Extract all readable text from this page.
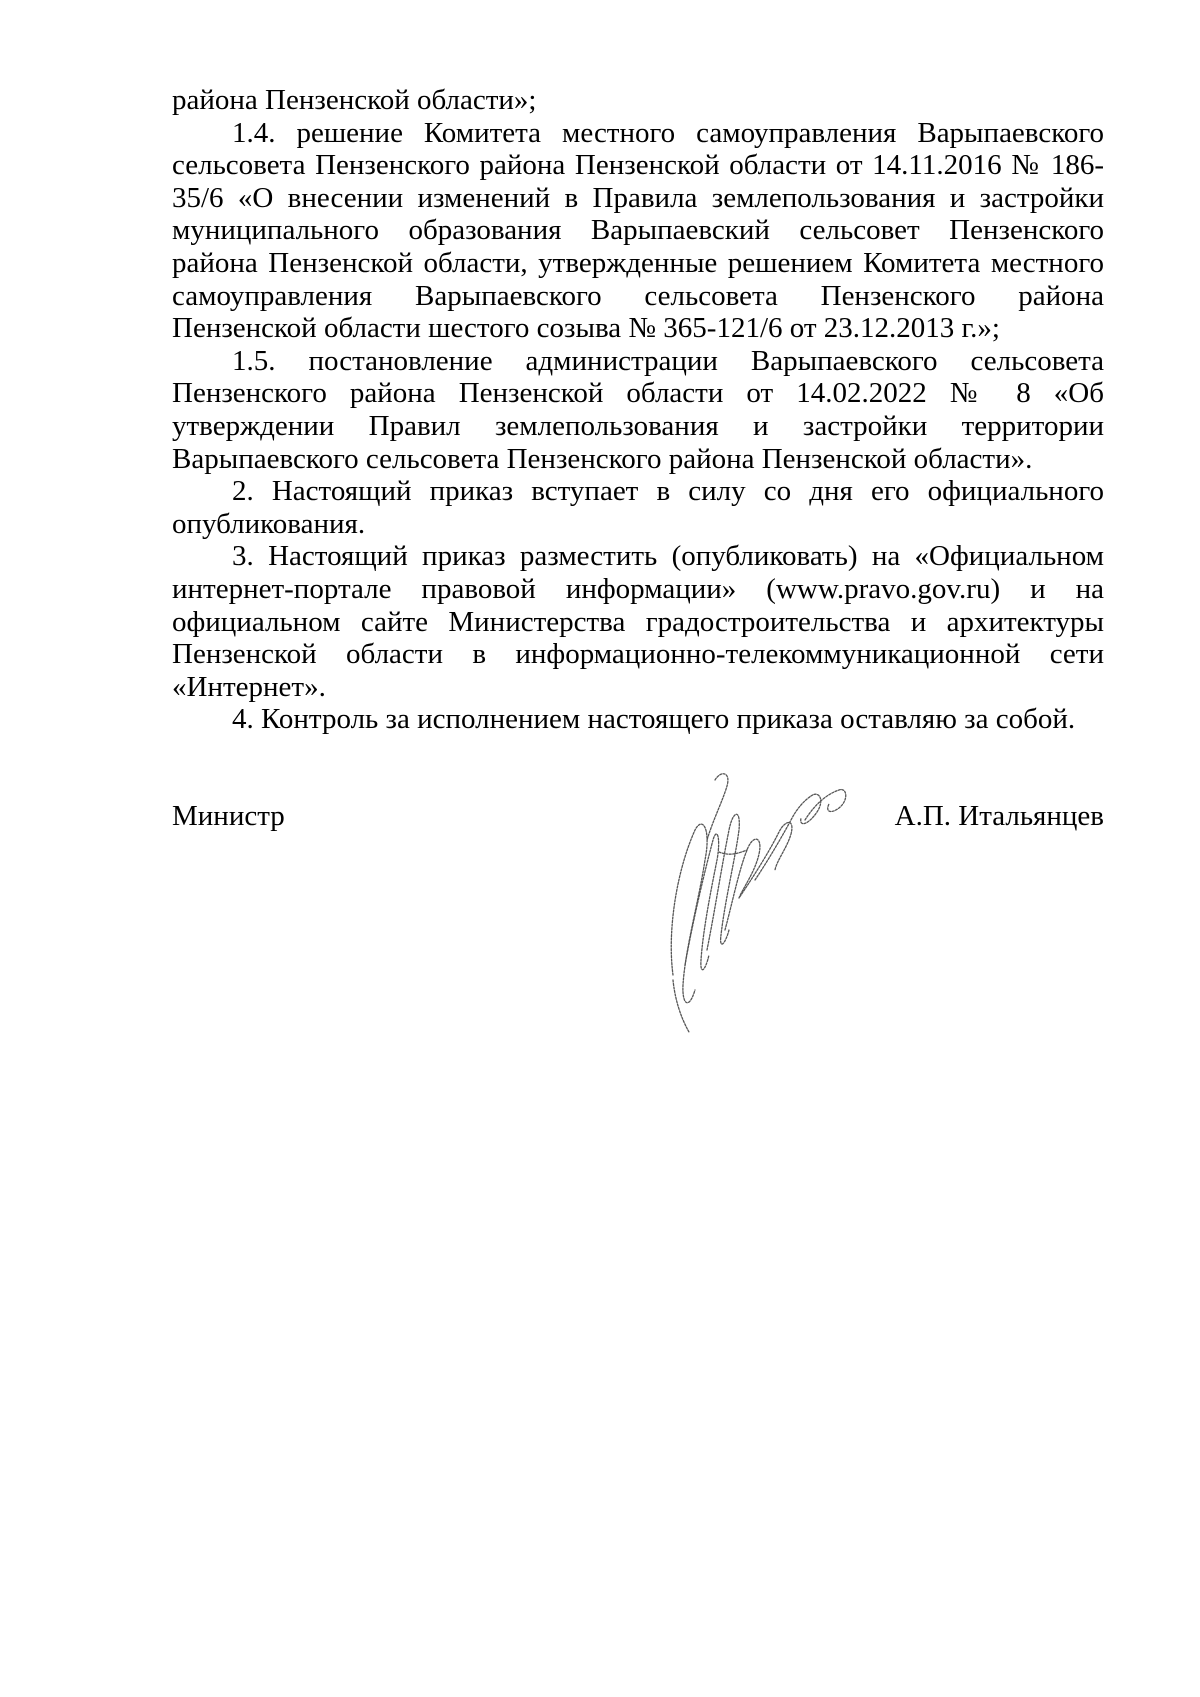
района Пензенской области»;

1.4. решение Комитета местного самоуправления Варыпаевского сельсовета Пензенского района Пензенской области от 14.11.2016 № 186-35/6 «О внесении изменений в Правила землепользования и застройки муниципального образования Варыпаевский сельсовет Пензенского района Пензенской области, утвержденные решением Комитета местного самоуправления Варыпаевского сельсовета Пензенского района Пензенской области шестого созыва № 365-121/6 от 23.12.2013 г.»;

1.5. постановление администрации Варыпаевского сельсовета Пензенского района Пензенской области от 14.02.2022 № 8 «Об утверждении Правил землепользования и застройки территории Варыпаевского сельсовета Пензенского района Пензенской области».

2. Настоящий приказ вступает в силу со дня его официального опубликования.

3. Настоящий приказ разместить (опубликовать) на «Официальном интернет-портале правовой информации» (www.pravo.gov.ru) и на официальном сайте Министерства градостроительства и архитектуры Пензенской области в информационно-телекоммуникационной сети «Интернет».

4. Контроль за исполнением настоящего приказа оставляю за собой.

Министр	А.П. Итальянцев
